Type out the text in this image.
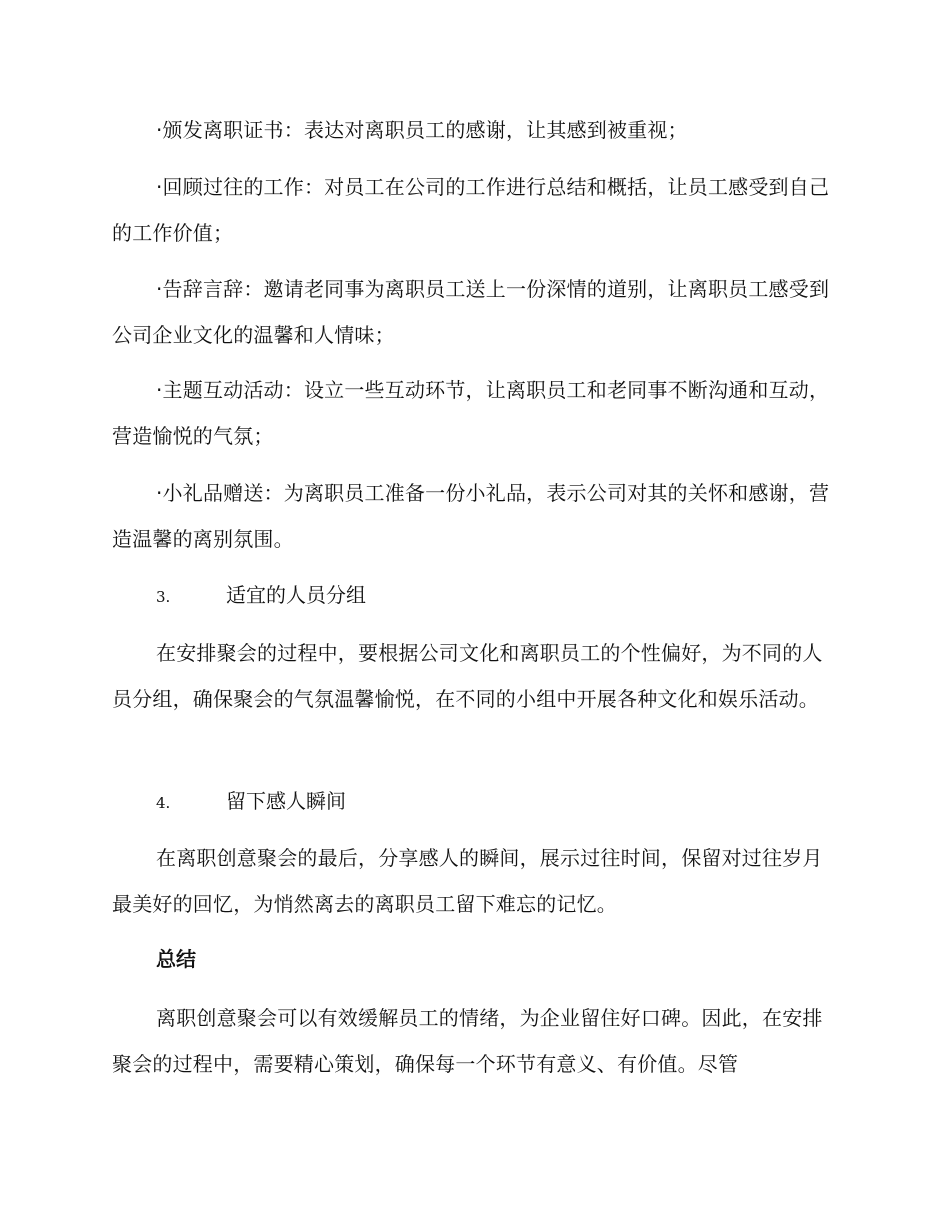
·颁发离职证书：表达对离职员工的感谢，让其感到被重视；

·回顾过往的工作：对员工在公司的工作进行总结和概括，让员工感受到自己的工作价值；

·告辞言辞：邀请老同事为离职员工送上一份深情的道别，让离职员工感受到公司企业文化的温馨和人情味；

·主题互动活动：设立一些互动环节，让离职员工和老同事不断沟通和互动，营造愉悦的气氛；

·小礼品赠送：为离职员工准备一份小礼品，表示公司对其的关怀和感谢，营造温馨的离别氛围。

3.	适宜的人员分组

在安排聚会的过程中，要根据公司文化和离职员工的个性偏好，为不同的人员分组，确保聚会的气氛温馨愉悦，在不同的小组中开展各种文化和娱乐活动。

4.	留下感人瞬间

在离职创意聚会的最后，分享感人的瞬间，展示过往时间，保留对过往岁月最美好的回忆，为悄然离去的离职员工留下难忘的记忆。

总结

离职创意聚会可以有效缓解员工的情绪，为企业留住好口碑。因此，在安排聚会的过程中，需要精心策划，确保每一个环节有意义、有价值。尽管
